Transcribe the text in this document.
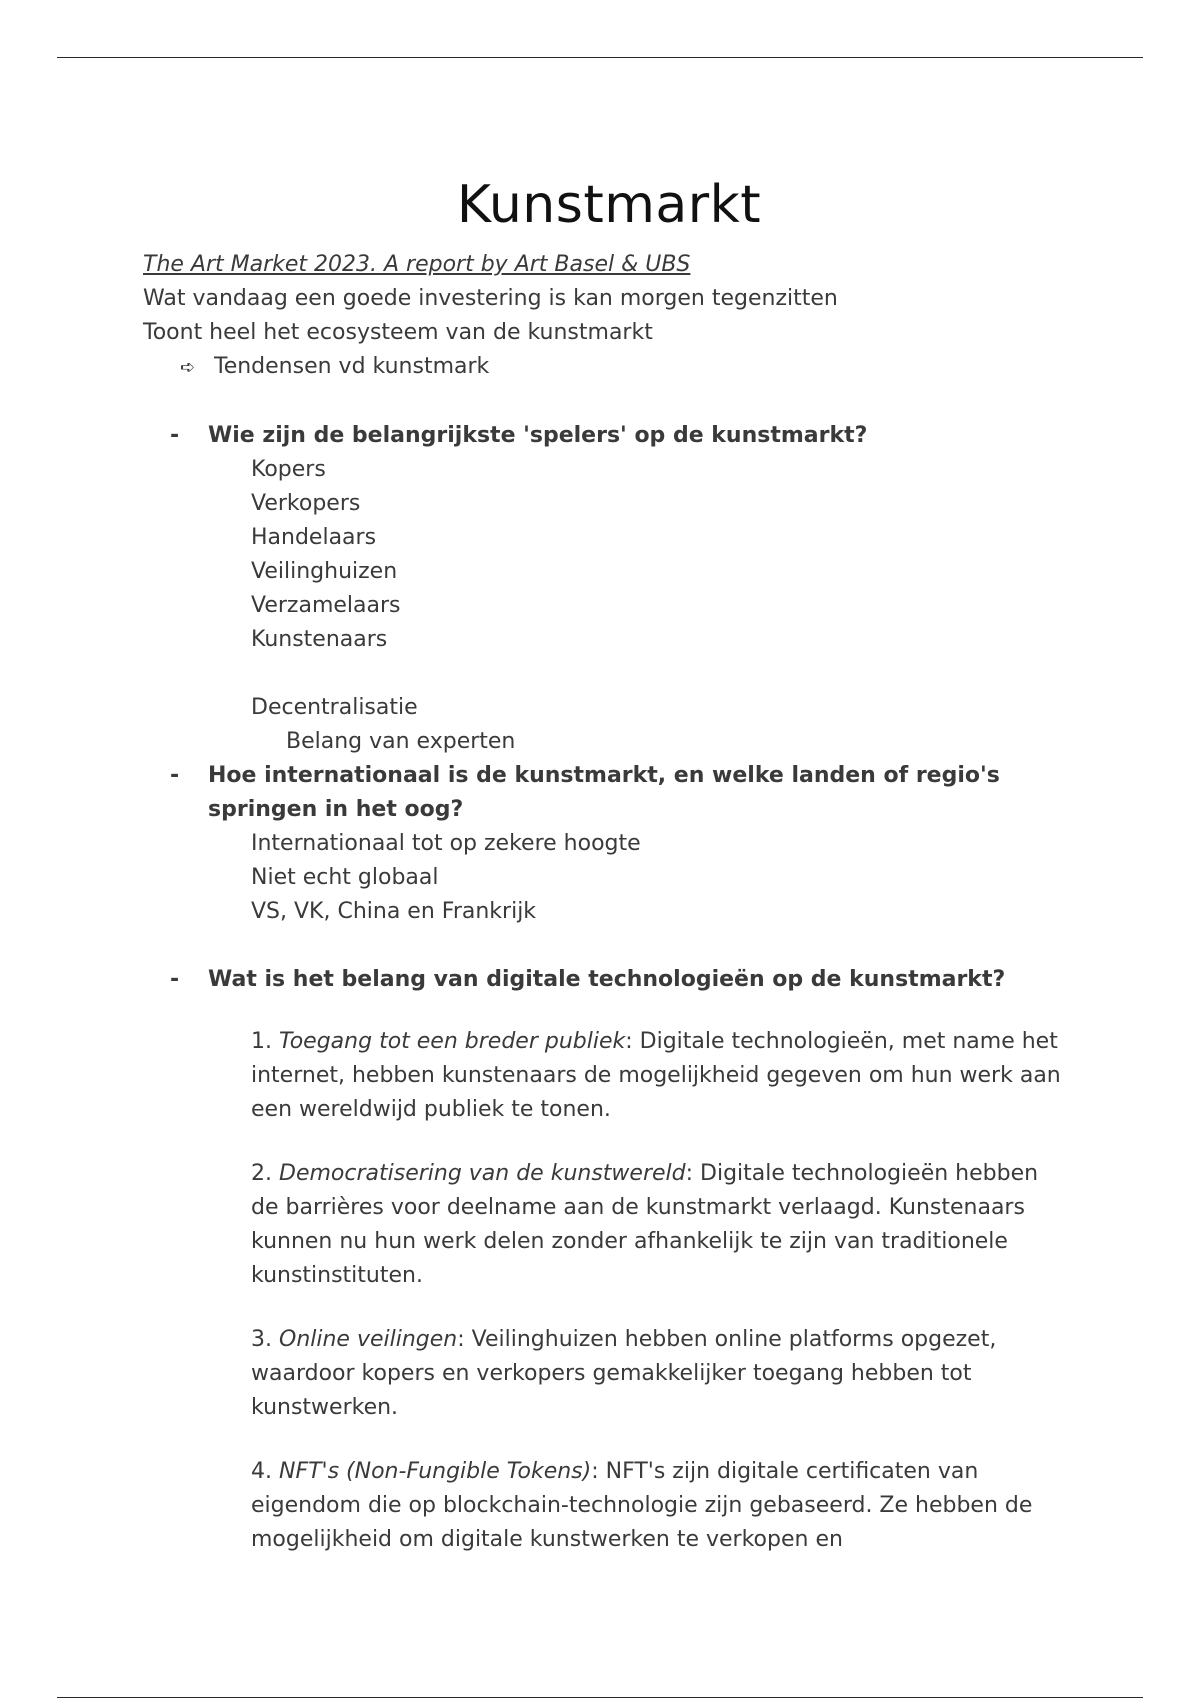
Kunstmarkt

The Art Market 2023. A report by Art Basel & UBS

Wat vandaag een goede investering is kan morgen tegenzitten

Toont heel het ecosysteem van de kunstmarkt

➪ Tendensen vd kunstmark

- Wie zijn de belangrijkste 'spelers' op de kunstmarkt?

Kopers

Verkopers

Handelaars

Veilinghuizen

Verzamelaars

Kunstenaars

Decentralisatie

Belang van experten

- Hoe internationaal is de kunstmarkt, en welke landen of regio's springen in het oog?

Internationaal tot op zekere hoogte

Niet echt globaal

VS, VK, China en Frankrijk

- Wat is het belang van digitale technologieën op de kunstmarkt?

1. Toegang tot een breder publiek: Digitale technologieën, met name het internet, hebben kunstenaars de mogelijkheid gegeven om hun werk aan een wereldwijd publiek te tonen.

2. Democratisering van de kunstwereld: Digitale technologieën hebben de barrières voor deelname aan de kunstmarkt verlaagd. Kunstenaars kunnen nu hun werk delen zonder afhankelijk te zijn van traditionele kunstinstituten.

3. Online veilingen: Veilinghuizen hebben online platforms opgezet, waardoor kopers en verkopers gemakkelijker toegang hebben tot kunstwerken.

4. NFT's (Non-Fungible Tokens): NFT's zijn digitale certificaten van eigendom die op blockchain-technologie zijn gebaseerd. Ze hebben de mogelijkheid om digitale kunstwerken te verkopen en
